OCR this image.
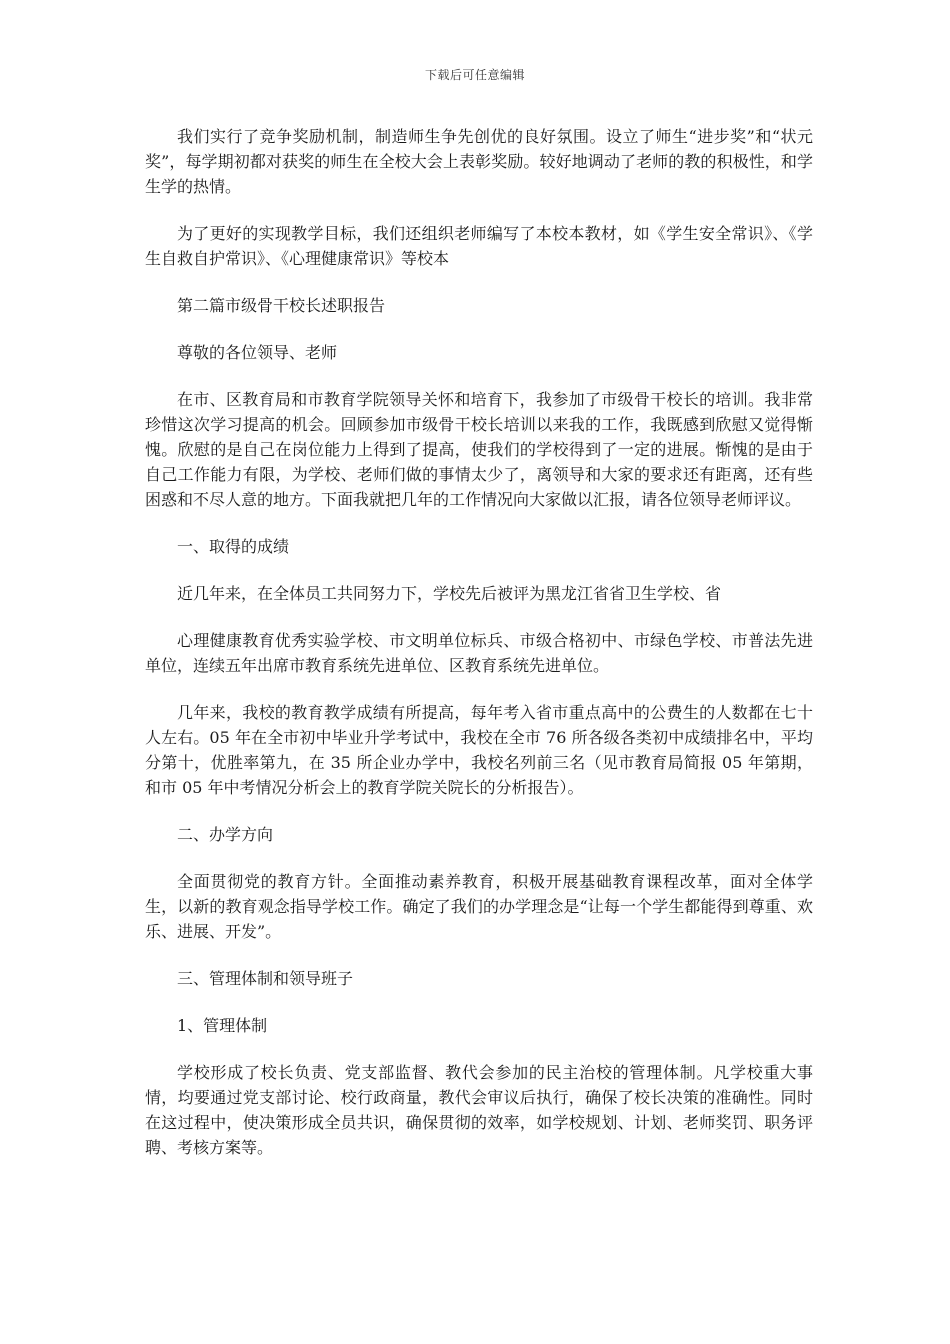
下载后可任意编辑

我们实行了竞争奖励机制，制造师生争先创优的良好氛围。设立了师生“进步奖”和“状元奖”，每学期初都对获奖的师生在全校大会上表彰奖励。较好地调动了老师的教的积极性，和学生学的热情。

为了更好的实现教学目标，我们还组织老师编写了本校本教材，如《学生安全常识》、《学生自救自护常识》、《心理健康常识》等校本

第二篇市级骨干校长述职报告

尊敬的各位领导、老师

在市、区教育局和市教育学院领导关怀和培育下，我参加了市级骨干校长的培训。我非常珍惜这次学习提高的机会。回顾参加市级骨干校长培训以来我的工作，我既感到欣慰又觉得惭愧。欣慰的是自己在岗位能力上得到了提高，使我们的学校得到了一定的进展。惭愧的是由于自己工作能力有限，为学校、老师们做的事情太少了，离领导和大家的要求还有距离，还有些困惑和不尽人意的地方。下面我就把几年的工作情况向大家做以汇报，请各位领导老师评议。

一、取得的成绩

近几年来，在全体员工共同努力下，学校先后被评为黑龙江省省卫生学校、省

心理健康教育优秀实验学校、市文明单位标兵、市级合格初中、市绿色学校、市普法先进单位，连续五年出席市教育系统先进单位、区教育系统先进单位。

几年来，我校的教育教学成绩有所提高，每年考入省市重点高中的公费生的人数都在七十人左右。05 年在全市初中毕业升学考试中，我校在全市 76 所各级各类初中成绩排名中，平均分第十，优胜率第九，在 35 所企业办学中，我校名列前三名（见市教育局简报 05 年第期，和市 05 年中考情况分析会上的教育学院关院长的分析报告）。

二、办学方向

全面贯彻党的教育方针。全面推动素养教育，积极开展基础教育课程改革，面对全体学生，以新的教育观念指导学校工作。确定了我们的办学理念是“让每一个学生都能得到尊重、欢乐、进展、开发”。

三、管理体制和领导班子

1、管理体制

学校形成了校长负责、党支部监督、教代会参加的民主治校的管理体制。凡学校重大事情，均要通过党支部讨论、校行政商量，教代会审议后执行，确保了校长决策的准确性。同时在这过程中，使决策形成全员共识，确保贯彻的效率，如学校规划、计划、老师奖罚、职务评聘、考核方案等。
